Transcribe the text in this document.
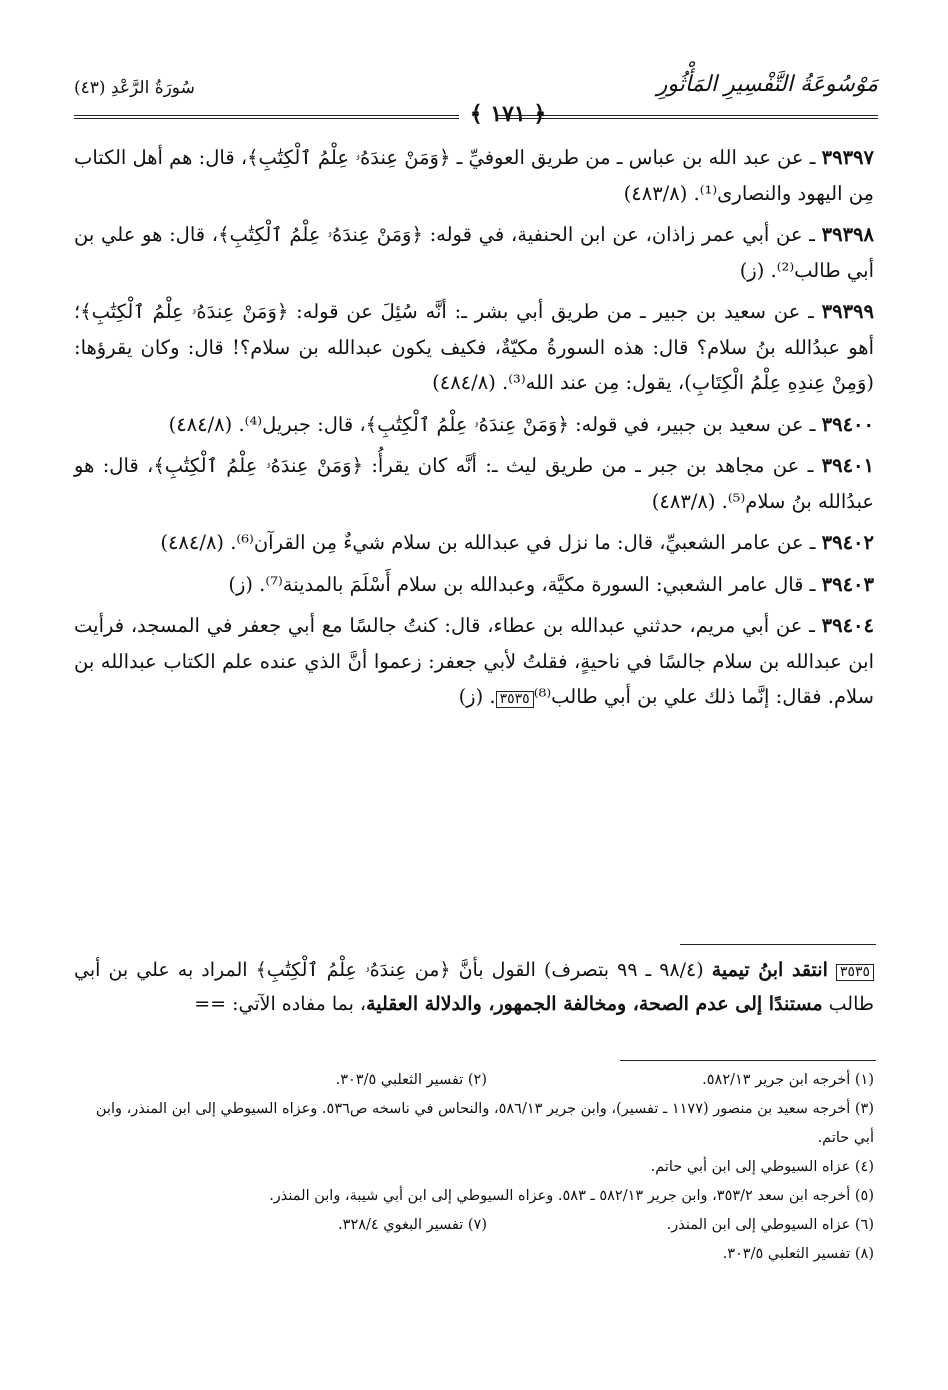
سُورَةُ الرَّعْدِ (٤٣)	مَوْسُوعَةُ التَّفْسِيرِ المَأْثُورِ
﴿ ١٧١ ﴾

٣٩٣٩٧ ـ عن عبد الله بن عباس ـ من طريق العوفيِّ ـ ﴿وَمَنْ عِندَهُۥ عِلْمُ ٱلْكِتَٰبِ﴾، قال: هم أهل الكتاب مِن اليهود والنصارى⁽¹⁾. (٤٨٣/٨)

٣٩٣٩٨ ـ عن أبي عمر زاذان، عن ابن الحنفية، في قوله: ﴿وَمَنْ عِندَهُۥ عِلْمُ ٱلْكِتَٰبِ﴾، قال: هو علي بن أبي طالب⁽²⁾. (ز)

٣٩٣٩٩ ـ عن سعيد بن جبير ـ من طريق أبي بشر ـ: أنَّه سُئِلَ عن قوله: ﴿وَمَنْ عِندَهُۥ عِلْمُ ٱلْكِتَٰبِ﴾؛ أهو عبدُالله بنُ سلام؟ قال: هذه السورةُ مكيّةٌ، فكيف يكون عبدالله بن سلام؟! قال: وكان يقرؤها: (وَمِنْ عِندِهِ عِلْمُ الْكِتَابِ)، يقول: مِن عند الله⁽³⁾. (٤٨٤/٨)

٣٩٤٠٠ ـ عن سعيد بن جبير، في قوله: ﴿وَمَنْ عِندَهُۥ عِلْمُ ٱلْكِتَٰبِ﴾، قال: جبريل⁽⁴⁾. (٤٨٤/٨)

٣٩٤٠١ ـ عن مجاهد بن جبر ـ من طريق ليث ـ: أنَّه كان يقرأُ: ﴿وَمَنْ عِندَهُۥ عِلْمُ ٱلْكِتَٰبِ﴾، قال: هو عبدُالله بنُ سلام⁽⁵⁾. (٤٨٣/٨)

٣٩٤٠٢ ـ عن عامر الشعبيِّ، قال: ما نزل في عبدالله بن سلام شيءٌ مِن القرآن⁽⁶⁾. (٤٨٤/٨)

٣٩٤٠٣ ـ قال عامر الشعبي: السورة مكيَّة، وعبدالله بن سلام أَسْلَمَ بالمدينة⁽⁷⁾. (ز)

٣٩٤٠٤ ـ عن أبي مريم، حدثني عبدالله بن عطاء، قال: كنتُ جالسًا مع أبي جعفر في المسجد، فرأيت ابن عبدالله بن سلام جالسًا في ناحيةٍ، فقلتُ لأبي جعفر: زعموا أنَّ الذي عنده علم الكتاب عبدالله بن سلام. فقال: إنَّما ذلك علي بن أبي طالب⁽⁸⁾٣٥٣٥. (ز)

٣٥٣٥ انتقد ابنُ تيمية (٩٨/٤ ـ ٩٩ بتصرف) القول بأنَّ ﴿من عِندَهُۥ عِلْمُ ٱلْكِتَٰبِ﴾ المراد به علي بن أبي طالب مستندًا إلى عدم الصحة، ومخالفة الجمهور، والدلالة العقلية، بما مفاده الآتي: ==
(١) أخرجه ابن جرير ٥٨٢/١٣.
(٢) تفسير الثعلبي ٣٠٣/٥.
(٣) أخرجه سعيد بن منصور (١١٧٧ ـ تفسير)، وابن جرير ٥٨٦/١٣، والنحاس في ناسخه ص٥٣٦. وعزاه السيوطي إلى ابن المنذر، وابن أبي حاتم.
(٤) عزاه السيوطي إلى ابن أبي حاتم.
(٥) أخرجه ابن سعد ٣٥٣/٢، وابن جرير ٥٨٢/١٣ ـ ٥٨٣. وعزاه السيوطي إلى ابن أبي شيبة، وابن المنذر.
(٦) عزاه السيوطي إلى ابن المنذر.
(٧) تفسير البغوي ٣٢٨/٤.
(٨) تفسير الثعلبي ٣٠٣/٥.
